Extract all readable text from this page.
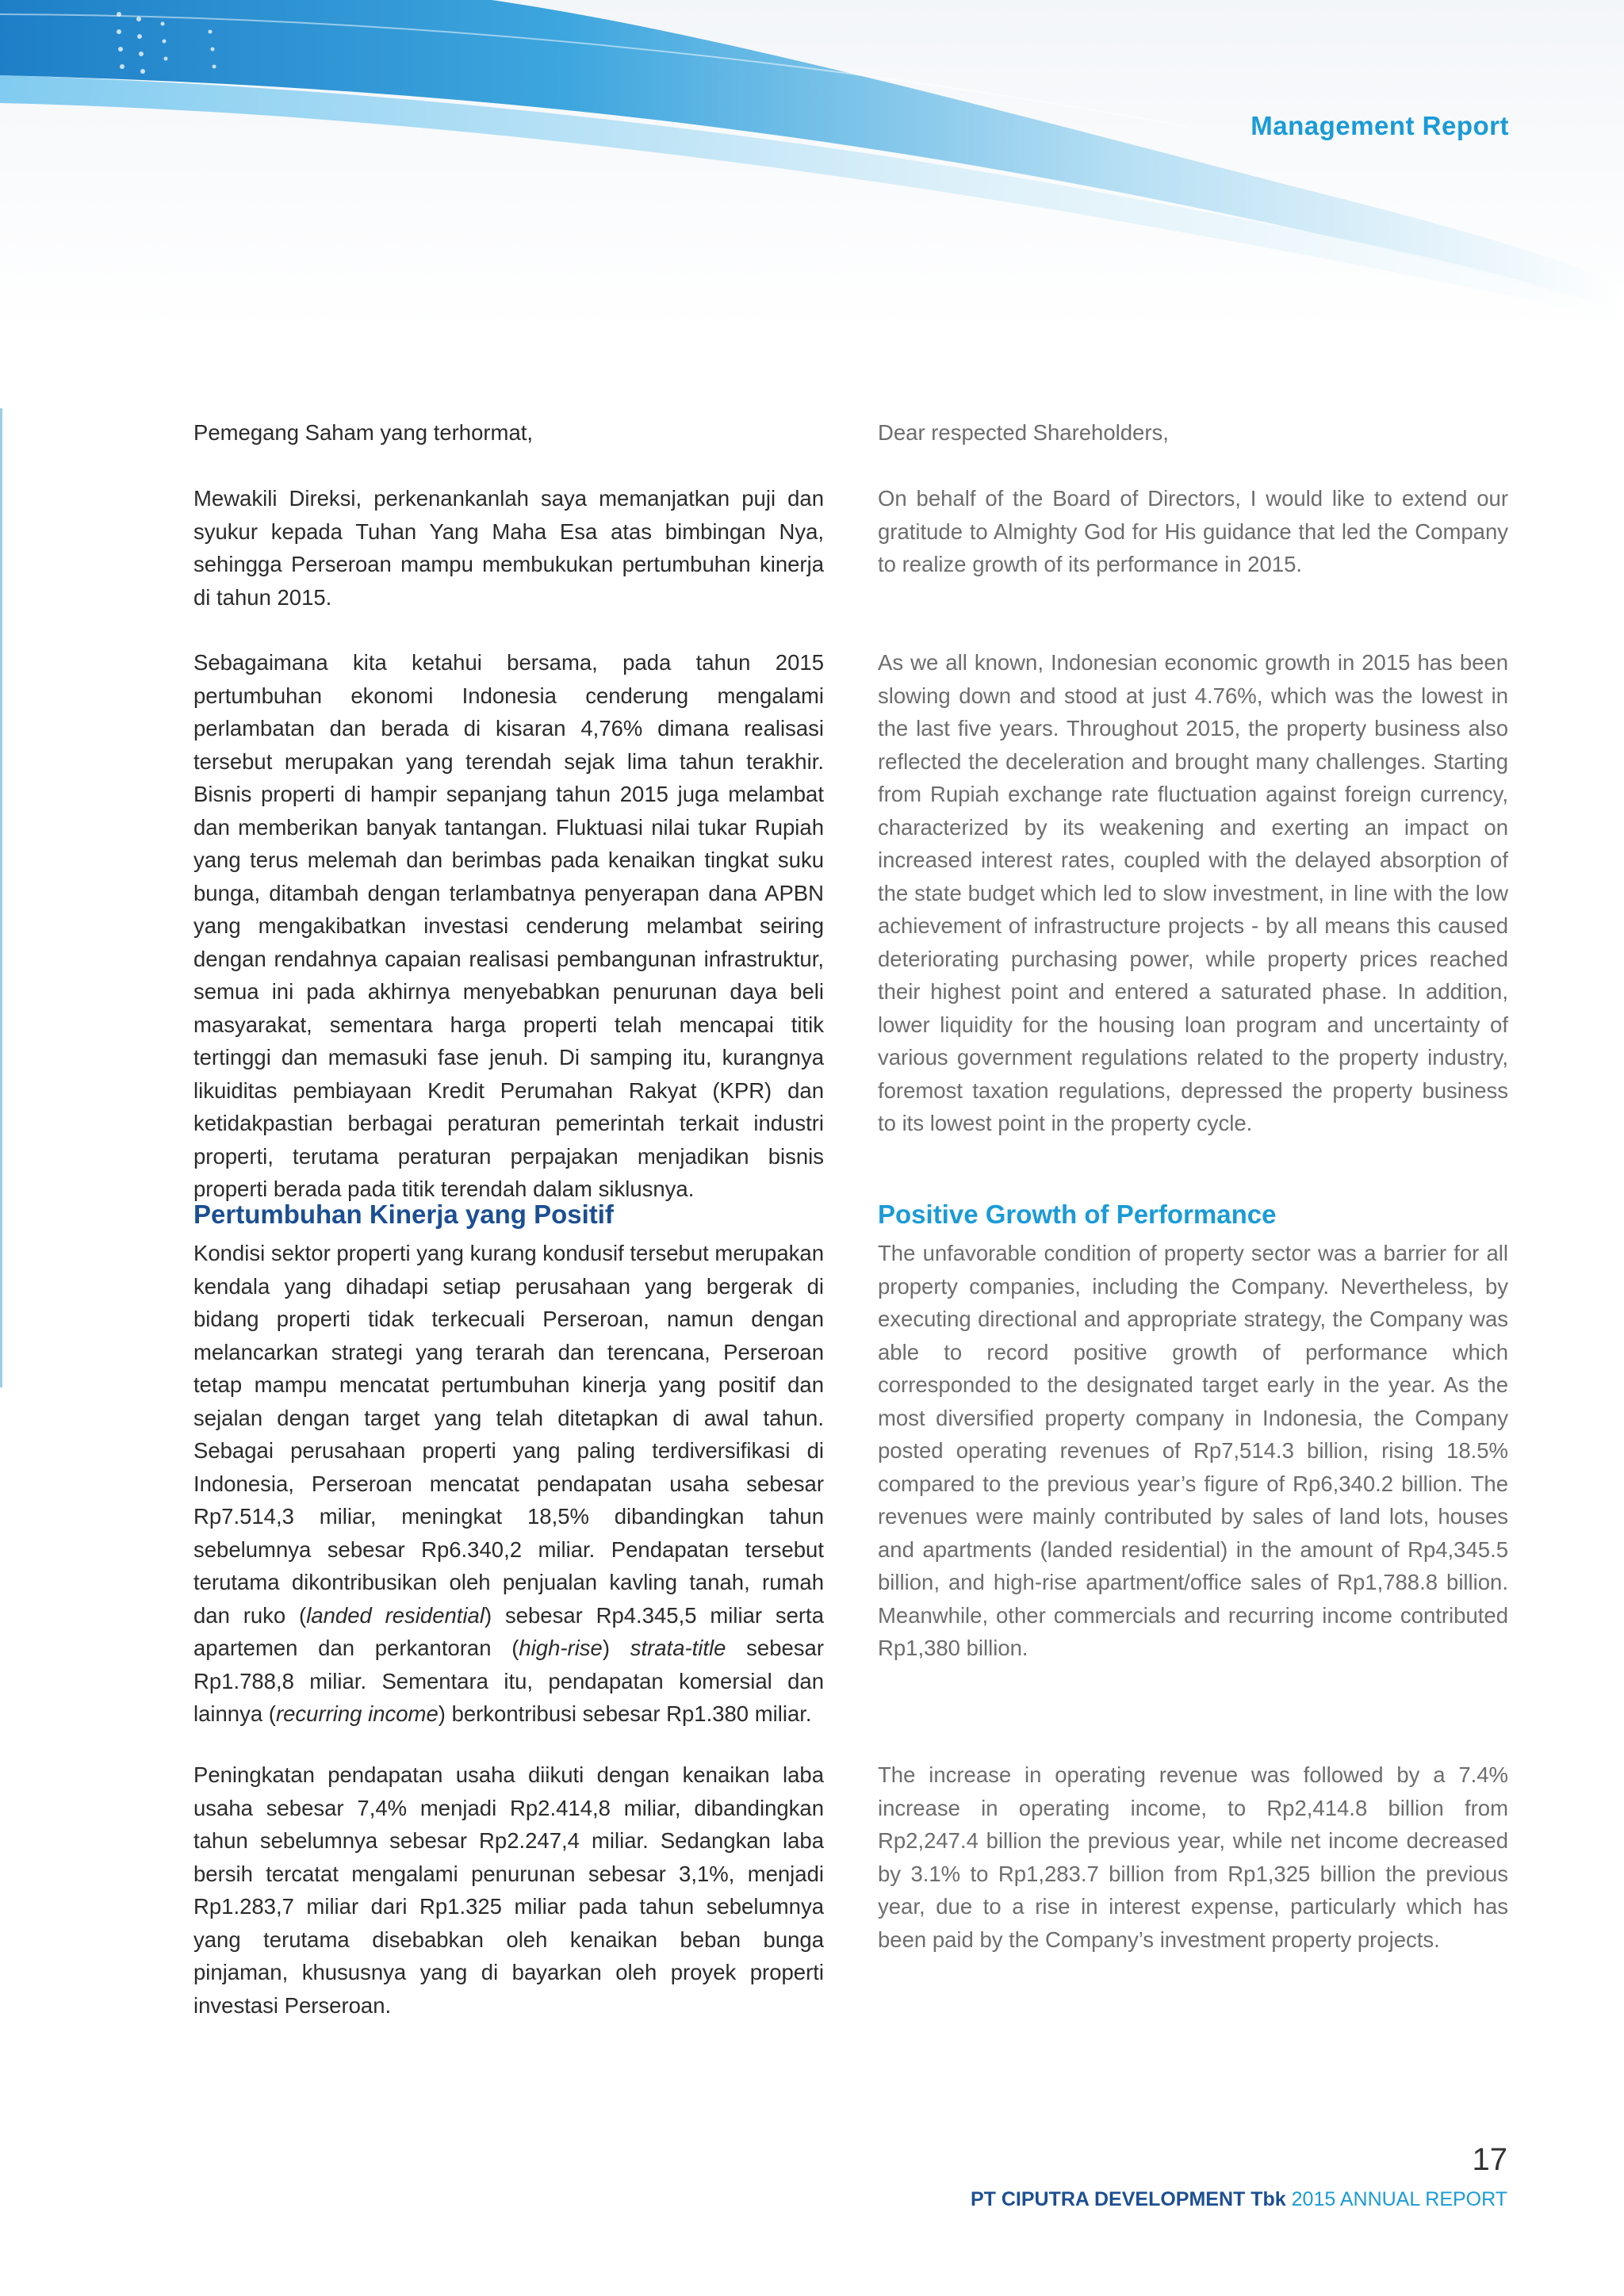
Management Report

Pemegang Saham yang terhormat,

Mewakili Direksi, perkenankanlah saya memanjatkan puji dan syukur kepada Tuhan Yang Maha Esa atas bimbingan Nya, sehingga Perseroan mampu membukukan pertumbuhan kinerja di tahun 2015.

Sebagaimana kita ketahui bersama, pada tahun 2015 pertumbuhan ekonomi Indonesia cenderung mengalami perlambatan dan berada di kisaran 4,76% dimana realisasi tersebut merupakan yang terendah sejak lima tahun terakhir. Bisnis properti di hampir sepanjang tahun 2015 juga melambat dan memberikan banyak tantangan. Fluktuasi nilai tukar Rupiah yang terus melemah dan berimbas pada kenaikan tingkat suku bunga, ditambah dengan terlambatnya penyerapan dana APBN yang mengakibatkan investasi cenderung melambat seiring dengan rendahnya capaian realisasi pembangunan infrastruktur, semua ini pada akhirnya menyebabkan penurunan daya beli masyarakat, sementara harga properti telah mencapai titik tertinggi dan memasuki fase jenuh. Di samping itu, kurangnya likuiditas pembiayaan Kredit Perumahan Rakyat (KPR) dan ketidakpastian berbagai peraturan pemerintah terkait industri properti, terutama peraturan perpajakan menjadikan bisnis properti berada pada titik terendah dalam siklusnya.

Pertumbuhan Kinerja yang Positif

Kondisi sektor properti yang kurang kondusif tersebut merupakan kendala yang dihadapi setiap perusahaan yang bergerak di bidang properti tidak terkecuali Perseroan, namun dengan melancarkan strategi yang terarah dan terencana, Perseroan tetap mampu mencatat pertumbuhan kinerja yang positif dan sejalan dengan target yang telah ditetapkan di awal tahun. Sebagai perusahaan properti yang paling terdiversifikasi di Indonesia, Perseroan mencatat pendapatan usaha sebesar Rp7.514,3 miliar, meningkat 18,5% dibandingkan tahun sebelumnya sebesar Rp6.340,2 miliar. Pendapatan tersebut terutama dikontribusikan oleh penjualan kavling tanah, rumah dan ruko (landed residential) sebesar Rp4.345,5 miliar serta apartemen dan perkantoran (high-rise) strata-title sebesar Rp1.788,8 miliar. Sementara itu, pendapatan komersial dan lainnya (recurring income) berkontribusi sebesar Rp1.380 miliar.

Peningkatan pendapatan usaha diikuti dengan kenaikan laba usaha sebesar 7,4% menjadi Rp2.414,8 miliar, dibandingkan tahun sebelumnya sebesar Rp2.247,4 miliar. Sedangkan laba bersih tercatat mengalami penurunan sebesar 3,1%, menjadi Rp1.283,7 miliar dari Rp1.325 miliar pada tahun sebelumnya yang terutama disebabkan oleh kenaikan beban bunga pinjaman, khususnya yang di bayarkan oleh proyek properti investasi Perseroan.

Dear respected Shareholders,

On behalf of the Board of Directors, I would like to extend our gratitude to Almighty God for His guidance that led the Company to realize growth of its performance in 2015.

As we all known, Indonesian economic growth in 2015 has been slowing down and stood at just 4.76%, which was the lowest in the last five years. Throughout 2015, the property business also reflected the deceleration and brought many challenges. Starting from Rupiah exchange rate fluctuation against foreign currency, characterized by its weakening and exerting an impact on increased interest rates, coupled with the delayed absorption of the state budget which led to slow investment, in line with the low achievement of infrastructure projects - by all means this caused deteriorating purchasing power, while property prices reached their highest point and entered a saturated phase. In addition, lower liquidity for the housing loan program and uncertainty of various government regulations related to the property industry, foremost taxation regulations, depressed the property business to its lowest point in the property cycle.

Positive Growth of Performance

The unfavorable condition of property sector was a barrier for all property companies, including the Company. Nevertheless, by executing directional and appropriate strategy, the Company was able to record positive growth of performance which corresponded to the designated target early in the year. As the most diversified property company in Indonesia, the Company posted operating revenues of Rp7,514.3 billion, rising 18.5% compared to the previous year’s figure of Rp6,340.2 billion. The revenues were mainly contributed by sales of land lots, houses and apartments (landed residential) in the amount of Rp4,345.5 billion, and high-rise apartment/office sales of Rp1,788.8 billion. Meanwhile, other commercials and recurring income contributed Rp1,380 billion.

The increase in operating revenue was followed by a 7.4% increase in operating income, to Rp2,414.8 billion from Rp2,247.4 billion the previous year, while net income decreased by 3.1% to Rp1,283.7 billion from Rp1,325 billion the previous year, due to a rise in interest expense, particularly which has been paid by the Company’s investment property projects.

17

PT CIPUTRA DEVELOPMENT Tbk 2015 ANNUAL REPORT
